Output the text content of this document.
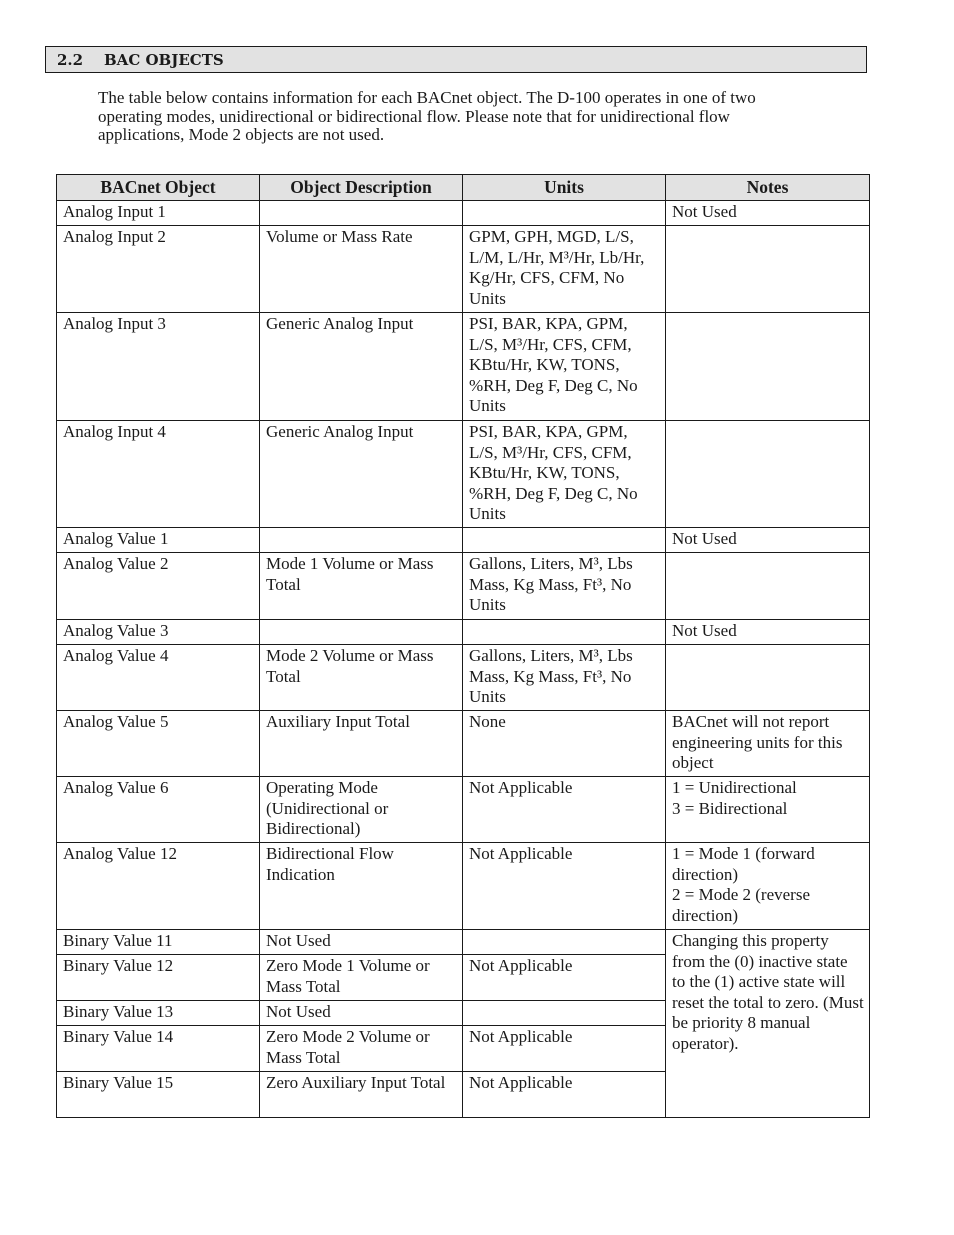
2.2	BAC OBJECTS

The table below contains information for each BACnet object. The D-100 operates in one of two operating modes, unidirectional or bidirectional flow. Please note that for unidirectional flow applications, Mode 2 objects are not used.

BACnet Object	Object Description	Units	Notes
Analog Input 1			Not Used
Analog Input 2	Volume or Mass Rate	GPM, GPH, MGD, L/S, L/M, L/Hr, M³/Hr, Lb/Hr, Kg/Hr, CFS, CFM, No Units	
Analog Input 3	Generic Analog Input	PSI, BAR, KPA, GPM, L/S, M³/Hr, CFS, CFM, KBtu/Hr, KW, TONS, %RH, Deg F, Deg C, No Units	
Analog Input 4	Generic Analog Input	PSI, BAR, KPA, GPM, L/S, M³/Hr, CFS, CFM, KBtu/Hr, KW, TONS, %RH, Deg F, Deg C, No Units	
Analog Value 1			Not Used
Analog Value 2	Mode 1 Volume or Mass Total	Gallons, Liters, M³, Lbs Mass, Kg Mass, Ft³, No Units	
Analog Value 3			Not Used
Analog Value 4	Mode 2 Volume or Mass Total	Gallons, Liters, M³, Lbs Mass, Kg Mass, Ft³, No Units	
Analog Value 5	Auxiliary Input Total	None	BACnet will not report engineering units for this object
Analog Value 6	Operating Mode (Unidirectional or Bidirectional)	Not Applicable	1 = Unidirectional
3 = Bidirectional
Analog Value 12	Bidirectional Flow Indication	Not Applicable	1 = Mode 1 (forward direction)
2 = Mode 2 (reverse direction)
Binary Value 11	Not Used		Changing this property from the (0) inactive state to the (1) active state will reset the total to zero. (Must be priority 8 manual operator).
Binary Value 12	Zero Mode 1 Volume or Mass Total	Not Applicable	
Binary Value 13	Not Used		
Binary Value 14	Zero Mode 2 Volume or Mass Total	Not Applicable	
Binary Value 15	Zero Auxiliary Input Total	Not Applicable	
